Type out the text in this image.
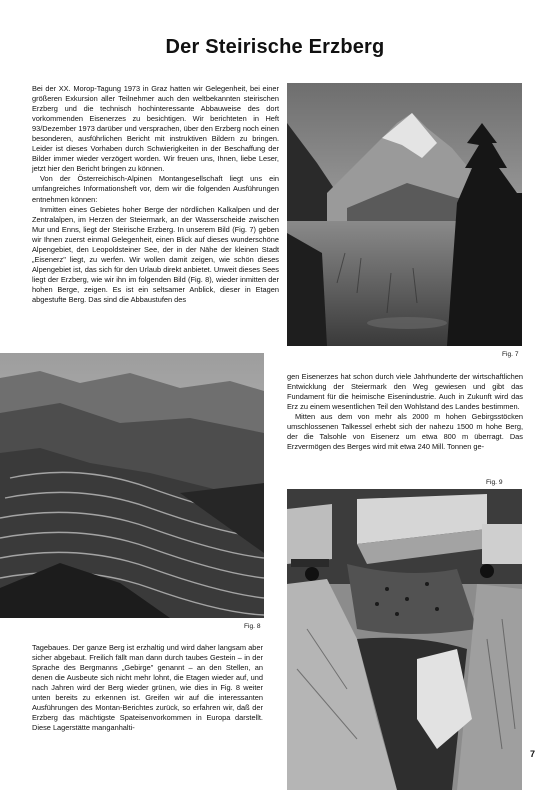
Der Steirische Erzberg

Bei der XX. Morop-Tagung 1973 in Graz hatten wir Gelegenheit, bei einer größeren Exkursion aller Teilnehmer auch den weltbekannten steirischen Erzberg und die technisch hochinteressante Abbauweise des dort vorkommenden Eisenerzes zu besichtigen. Wir berichteten in Heft 93/Dezember 1973 darüber und versprachen, über den Erzberg noch einen besonderen, ausführlichen Bericht mit instruktiven Bildern zu bringen. Leider ist dieses Vorhaben durch Schwierigkeiten in der Beschaffung der Bilder immer wieder verzögert worden. Wir freuen uns, Ihnen, liebe Leser, jetzt hier den Bericht bringen zu können.

Von der Österreichisch-Alpinen Montangesellschaft liegt uns ein umfangreiches Informationsheft vor, dem wir die folgenden Ausführungen entnehmen können:

Inmitten eines Gebietes hoher Berge der nördlichen Kalkalpen und der Zentralalpen, im Herzen der Steiermark, an der Wasserscheide zwischen Mur und Enns, liegt der Steirische Erzberg. In unserem Bild (Fig. 7) geben wir Ihnen zuerst einmal Gelegenheit, einen Blick auf dieses wunderschöne Alpengebiet, den Leopoldsteiner See, der in der Nähe der kleinen Stadt „Eisenerz" liegt, zu werfen. Wir wollen damit zeigen, wie schön dieses Alpengebiet ist, das sich für den Urlaub direkt anbietet. Unweit dieses Sees liegt der Erzberg, wie wir ihn im folgenden Bild (Fig. 8), wieder inmitten der hohen Berge, zeigen. Es ist ein seltsamer Anblick, dieser in Etagen abgestufte Berg. Das sind die Abbaustufen des

Fig. 7
Fig. 8

gen Eisenerzes hat schon durch viele Jahrhunderte der wirtschaftlichen Entwicklung der Steiermark den Weg gewiesen und gibt das Fundament für die heimische Eisenindustrie. Auch in Zukunft wird das Erz zu einem wesentlichen Teil den Wohlstand des Landes bestimmen.

Mitten aus dem von mehr als 2000 m hohen Gebirgsstöcken umschlossenen Talkessel erhebt sich der nahezu 1500 m hohe Berg, der die Talsohle von Eisenerz um etwa 800 m überragt. Das Erzvermögen des Berges wird mit etwa 240 Mill. Tonnen ge-

Fig. 9

Tagebaues. Der ganze Berg ist erzhaltig und wird daher langsam aber sicher abgebaut. Freilich fällt man dann durch taubes Gestein – in der Sprache des Bergmanns „Gebirge" genannt – an den Stellen, an denen die Ausbeute sich nicht mehr lohnt, die Etagen wieder auf, und nach Jahren wird der Berg wieder grünen, wie dies in Fig. 8 weiter unten bereits zu erkennen ist. Greifen wir auf die interessanten Ausführungen des Montan-Berichtes zurück, so erfahren wir, daß der Erzberg das mächtigste Spateisenvorkommen in Europa darstellt. Diese Lagerstätte manganhalti-

7
